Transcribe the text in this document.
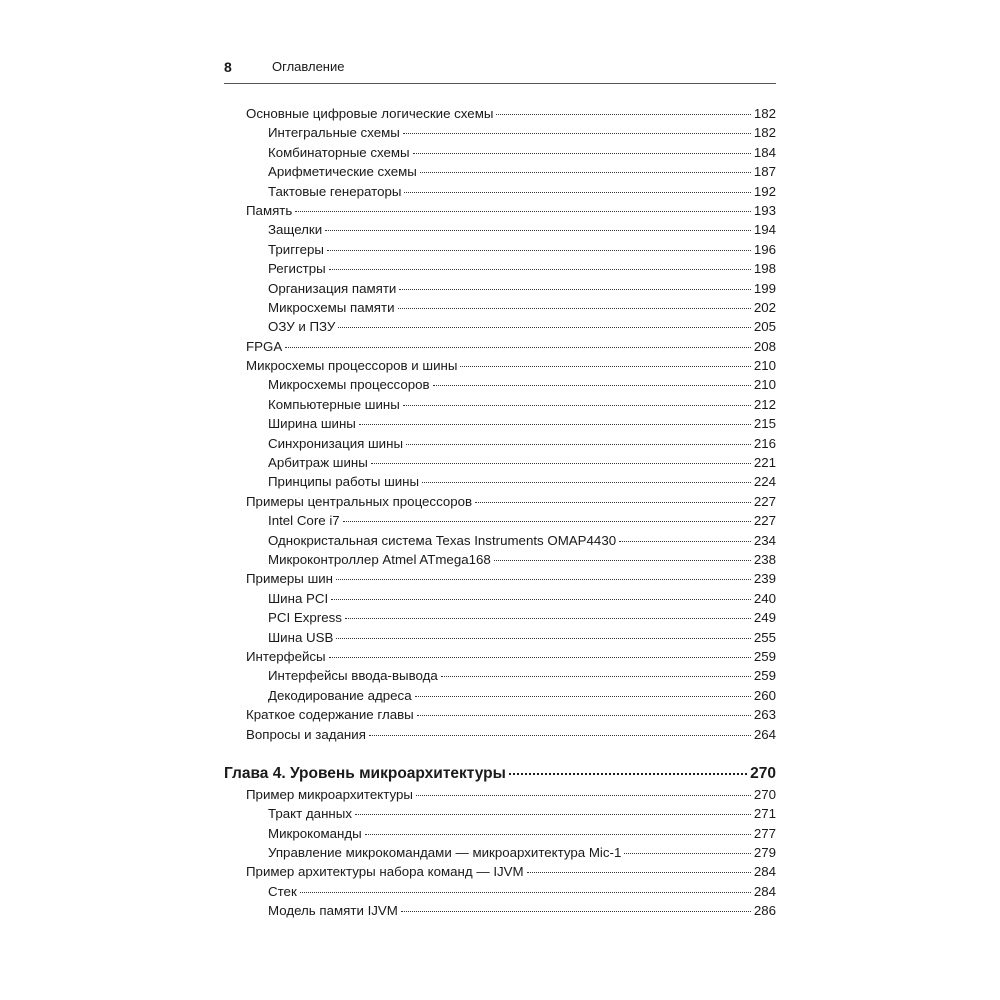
8	Оглавление
Основные цифровые логические схемы	182
Интегральные схемы	182
Комбинаторные схемы	184
Арифметические схемы	187
Тактовые генераторы	192
Память	193
Защелки	194
Триггеры	196
Регистры	198
Организация памяти	199
Микросхемы памяти	202
ОЗУ и ПЗУ	205
FPGA	208
Микросхемы процессоров и шины	210
Микросхемы процессоров	210
Компьютерные шины	212
Ширина шины	215
Синхронизация шины	216
Арбитраж шины	221
Принципы работы шины	224
Примеры центральных процессоров	227
Intel Core i7	227
Однокристальная система Texas Instruments OMAP4430	234
Микроконтроллер Atmel ATmega168	238
Примеры шин	239
Шина PCI	240
PCI Express	249
Шина USB	255
Интерфейсы	259
Интерфейсы ввода-вывода	259
Декодирование адреса	260
Краткое содержание главы	263
Вопросы и задания	264
Глава 4. Уровень микроархитектуры	270
Пример микроархитектуры	270
Тракт данных	271
Микрокоманды	277
Управление микрокомандами — микроархитектура Mic-1	279
Пример архитектуры набора команд — IJVM	284
Стек	284
Модель памяти IJVM	286
